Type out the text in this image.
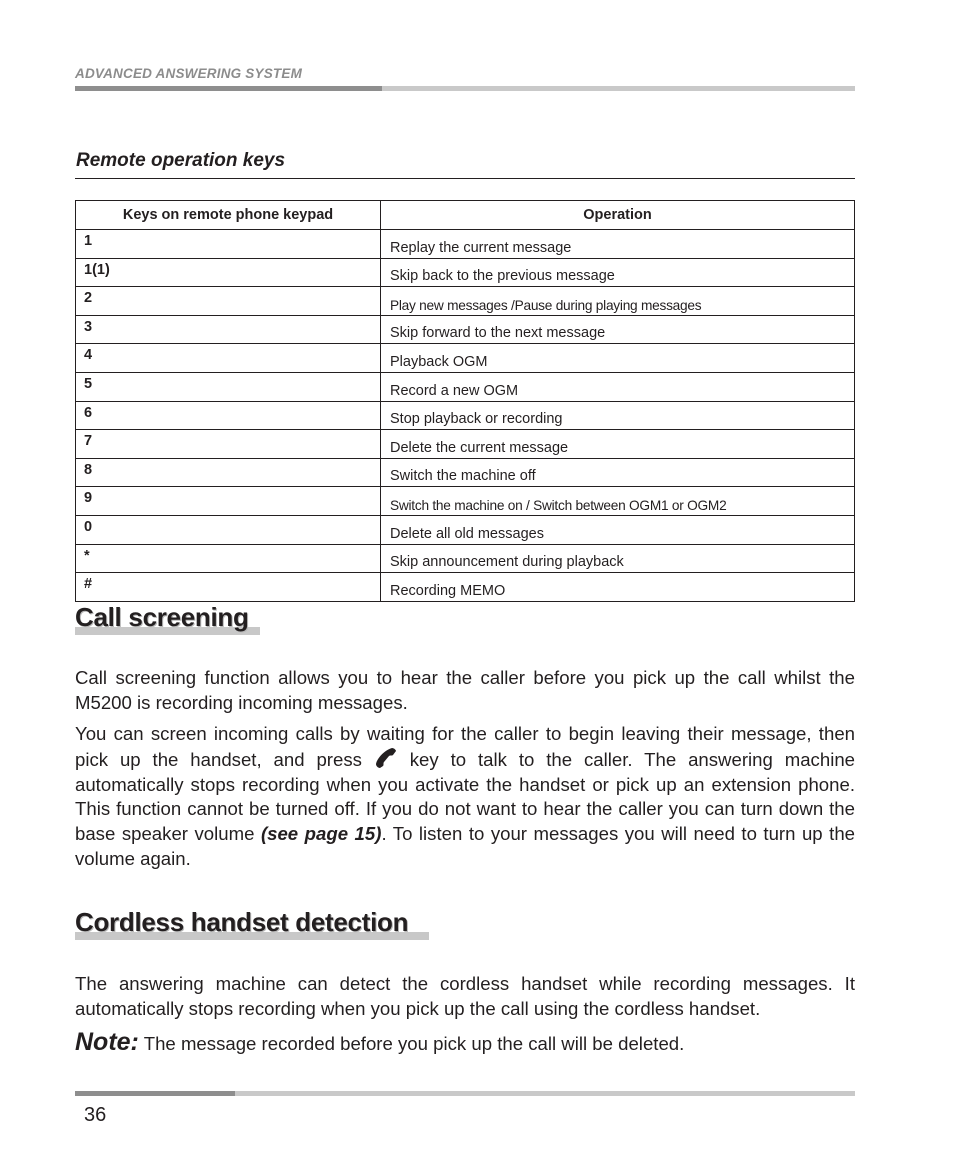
ADVANCED ANSWERING SYSTEM
Remote operation keys
Keys on remote phone keypad	Operation
1	Replay the current message
1(1)	Skip back to the previous message
2	Play new messages /Pause during playing messages
3	Skip forward to the next message
4	Playback OGM
5	Record a new OGM
6	Stop playback or recording
7	Delete the current message
8	Switch the machine off
9	Switch the machine on / Switch between OGM1 or OGM2
0	Delete all old messages
*	Skip announcement during playback
#	Recording MEMO
Call screening

Call screening function allows you to hear the caller before you pick up the call whilst the M5200 is recording incoming messages.

You can screen incoming calls by waiting for the caller to begin leaving their message, then pick up the handset, and press	key to talk to the caller. The answering machine automatically stops recording when you activate the handset or pick up an extension phone. This function cannot be turned off. If you do not want to hear the caller you can turn down the base speaker volume (see page 15). To listen to your messages you will need to turn up the volume again.

Cordless handset detection

The answering machine can detect the cordless handset while recording messages. It automatically stops recording when you pick up the call using the cordless handset.

Note: The message recorded before you pick up the call will be deleted.
36
